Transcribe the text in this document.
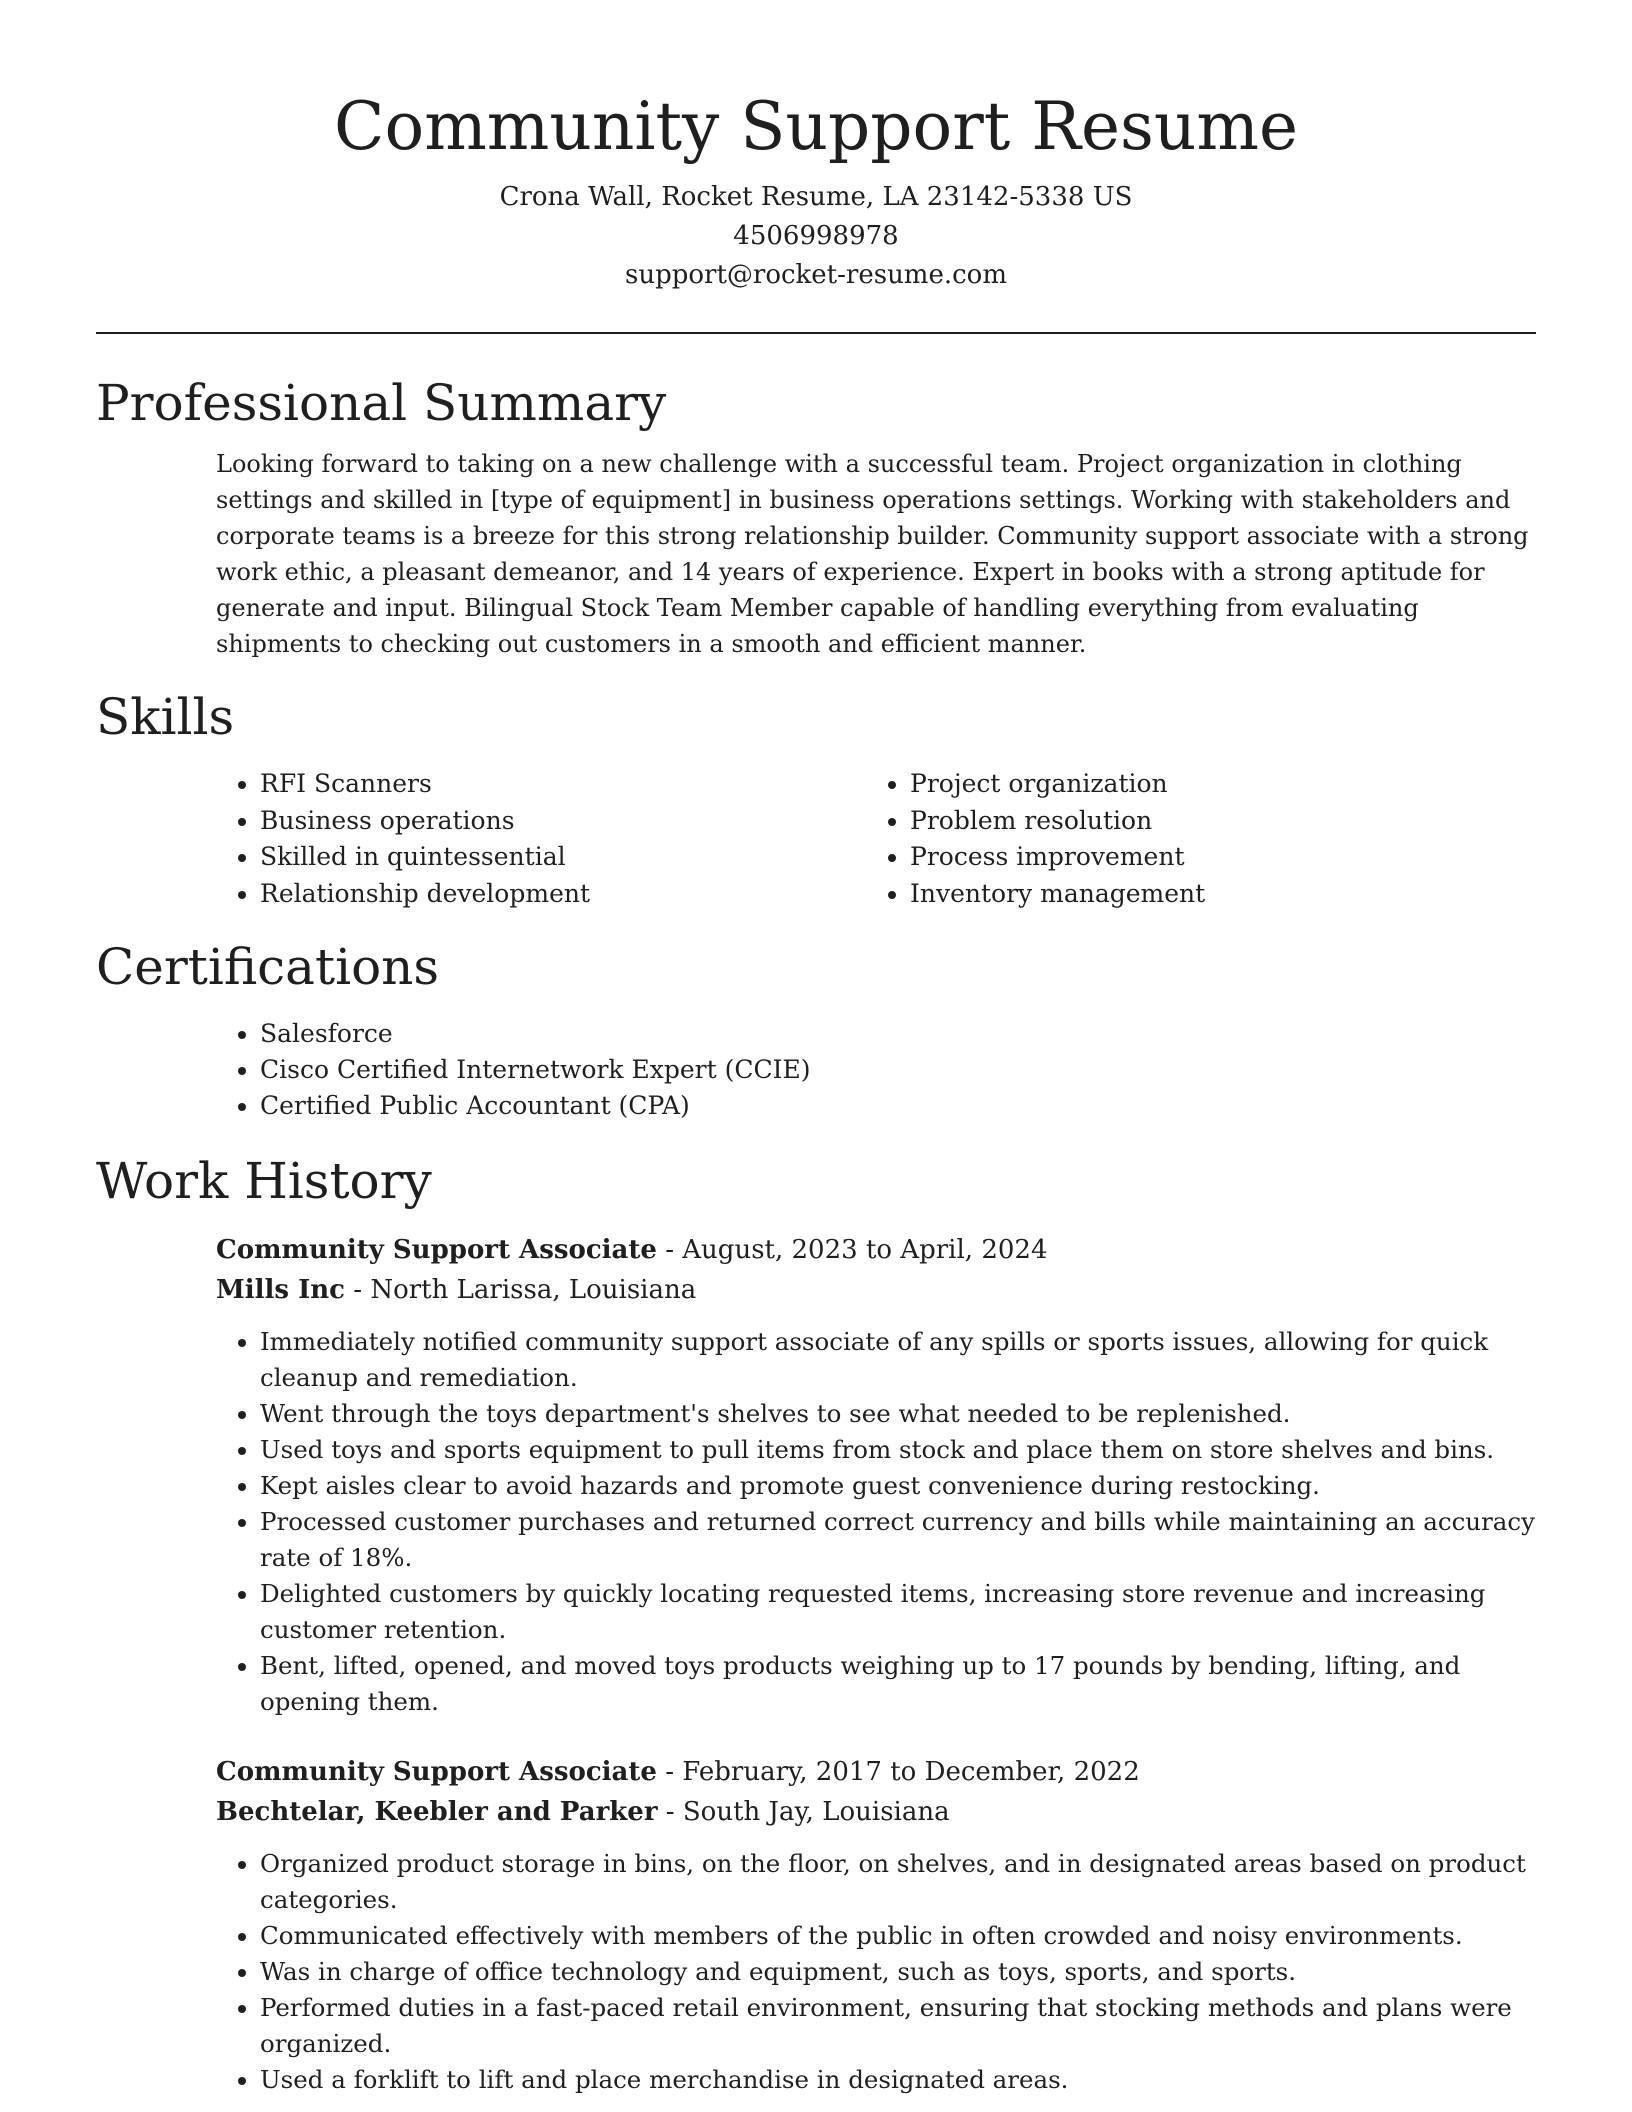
Community Support Resume
Crona Wall, Rocket Resume, LA 23142-5338 US
4506998978
support@rocket-resume.com
Professional Summary

Looking forward to taking on a new challenge with a successful team. Project organization in clothing settings and skilled in [type of equipment] in business operations settings. Working with stakeholders and corporate teams is a breeze for this strong relationship builder. Community support associate with a strong work ethic, a pleasant demeanor, and 14 years of experience. Expert in books with a strong aptitude for generate and input. Bilingual Stock Team Member capable of handling everything from evaluating shipments to checking out customers in a smooth and efficient manner.

Skills
• RFI Scanners
• Business operations
• Skilled in quintessential
• Relationship development
• Project organization
• Problem resolution
• Process improvement
• Inventory management
Certifications
• Salesforce
• Cisco Certified Internetwork Expert (CCIE)
• Certified Public Accountant (CPA)
Work History
Community Support Associate - August, 2023 to April, 2024
Mills Inc - North Larissa, Louisiana
• Immediately notified community support associate of any spills or sports issues, allowing for quick cleanup and remediation.
• Went through the toys department's shelves to see what needed to be replenished.
• Used toys and sports equipment to pull items from stock and place them on store shelves and bins.
• Kept aisles clear to avoid hazards and promote guest convenience during restocking.
• Processed customer purchases and returned correct currency and bills while maintaining an accuracy rate of 18%.
• Delighted customers by quickly locating requested items, increasing store revenue and increasing customer retention.
• Bent, lifted, opened, and moved toys products weighing up to 17 pounds by bending, lifting, and opening them.
Community Support Associate - February, 2017 to December, 2022
Bechtelar, Keebler and Parker - South Jay, Louisiana
• Organized product storage in bins, on the floor, on shelves, and in designated areas based on product categories.
• Communicated effectively with members of the public in often crowded and noisy environments.
• Was in charge of office technology and equipment, such as toys, sports, and sports.
• Performed duties in a fast-paced retail environment, ensuring that stocking methods and plans were organized.
• Used a forklift to lift and place merchandise in designated areas.
